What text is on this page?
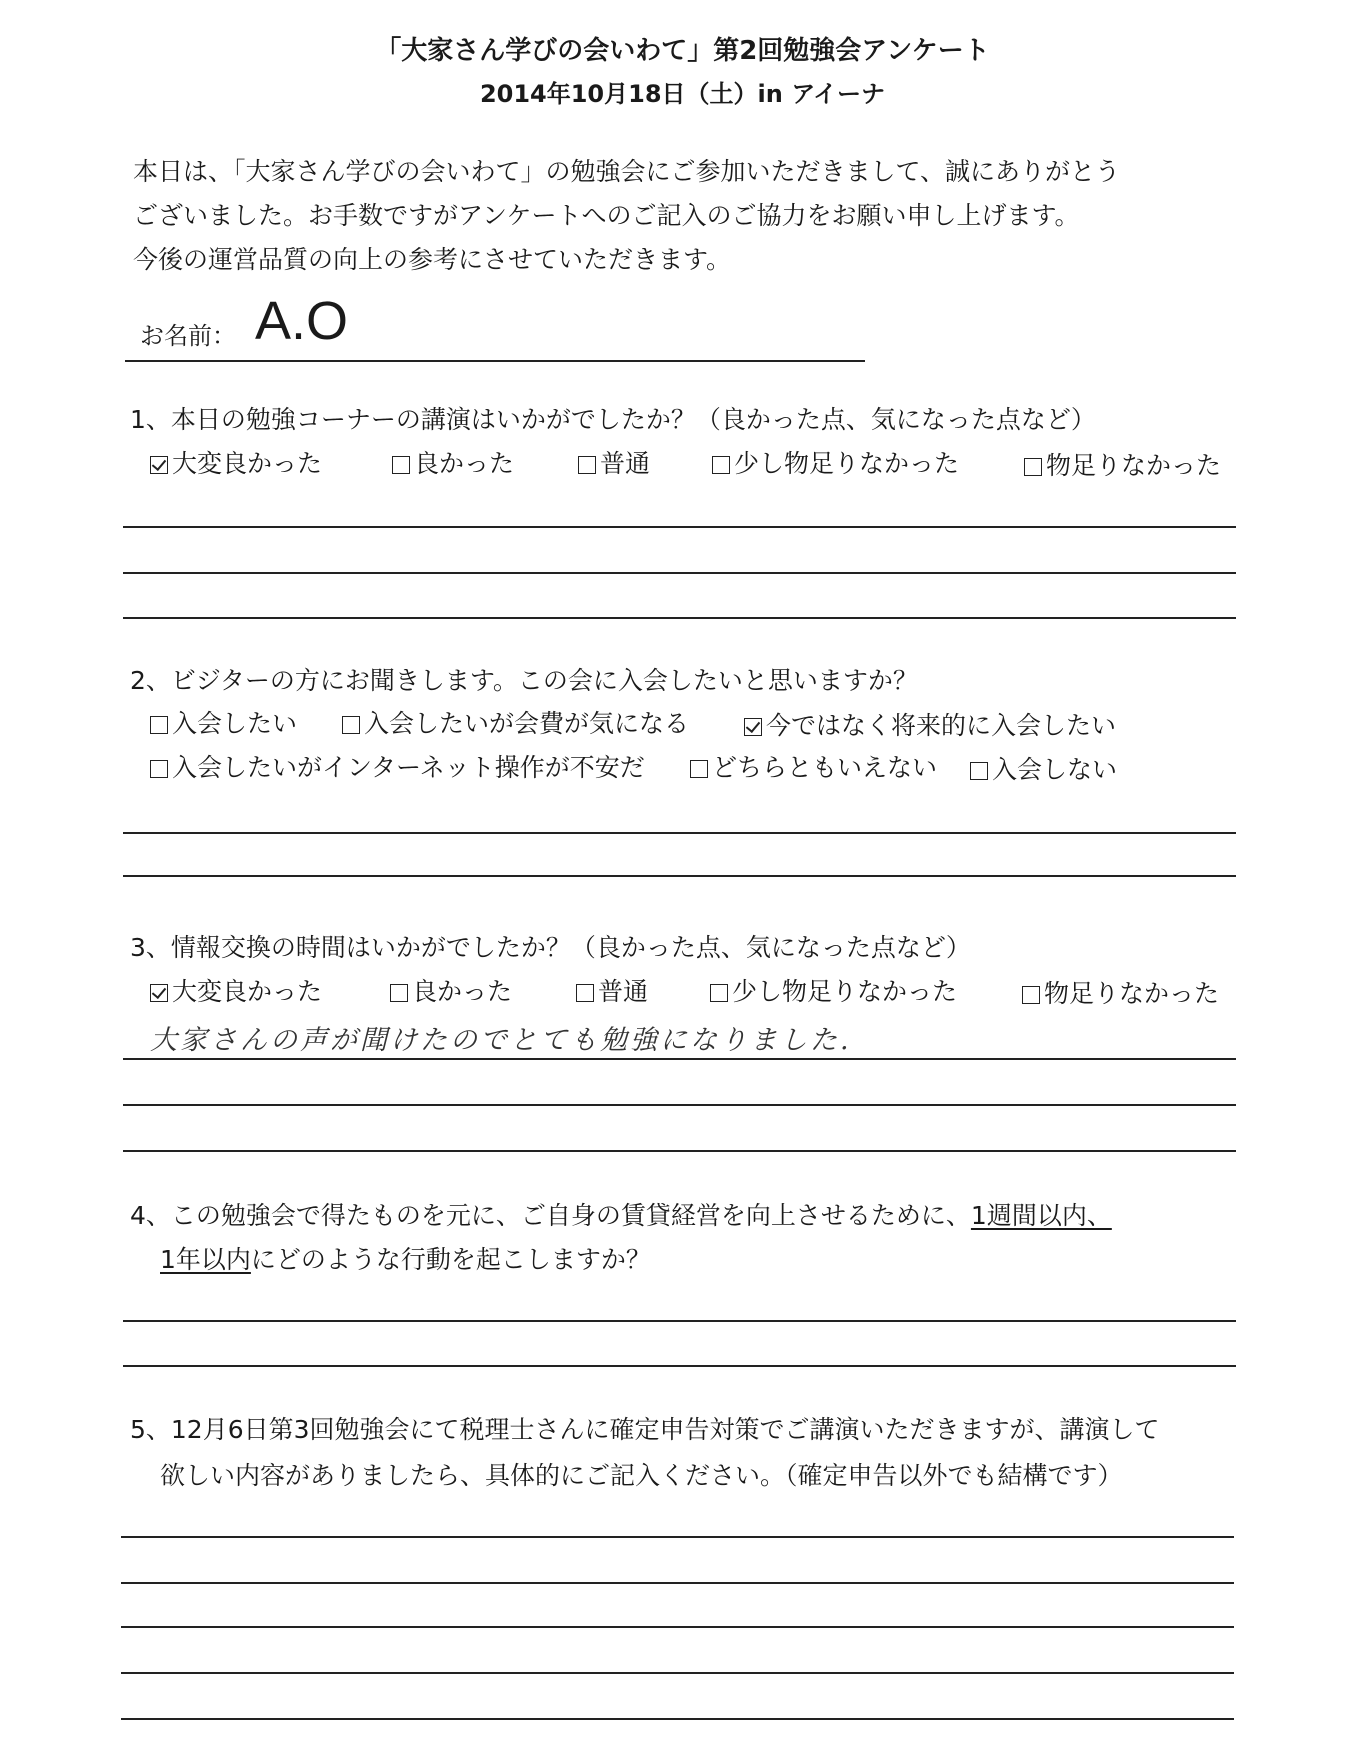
「大家さん学びの会いわて」第2回勉強会アンケート
2014年10月18日（土）in アイーナ
本日は、「大家さん学びの会いわて」の勉強会にご参加いただきまして、誠にありがとう
ございました。お手数ですがアンケートへのご記入のご協力をお願い申し上げます。
今後の運営品質の向上の参考にさせていただきます。
お名前： A.O
1、本日の勉強コーナーの講演はいかがでしたか？（良かった点、気になった点など）
大変良かった	良かった	普通	少し物足りなかった	物足りなかった
2、ビジターの方にお聞きします。この会に入会したいと思いますか？
入会したい	入会したいが会費が気になる	今ではなく将来的に入会したい
入会したいがインターネット操作が不安だ	どちらともいえない	入会しない
3、情報交換の時間はいかがでしたか？（良かった点、気になった点など）
大変良かった	良かった	普通	少し物足りなかった	物足りなかった
大家さんの声が聞けたのでとても勉強になりました.
4、この勉強会で得たものを元に、ご自身の賃貸経営を向上させるために、1週間以内、
1年以内にどのような行動を起こしますか？
5、12月6日第3回勉強会にて税理士さんに確定申告対策でご講演いただきますが、講演して
欲しい内容がありましたら、具体的にご記入ください。（確定申告以外でも結構です）
